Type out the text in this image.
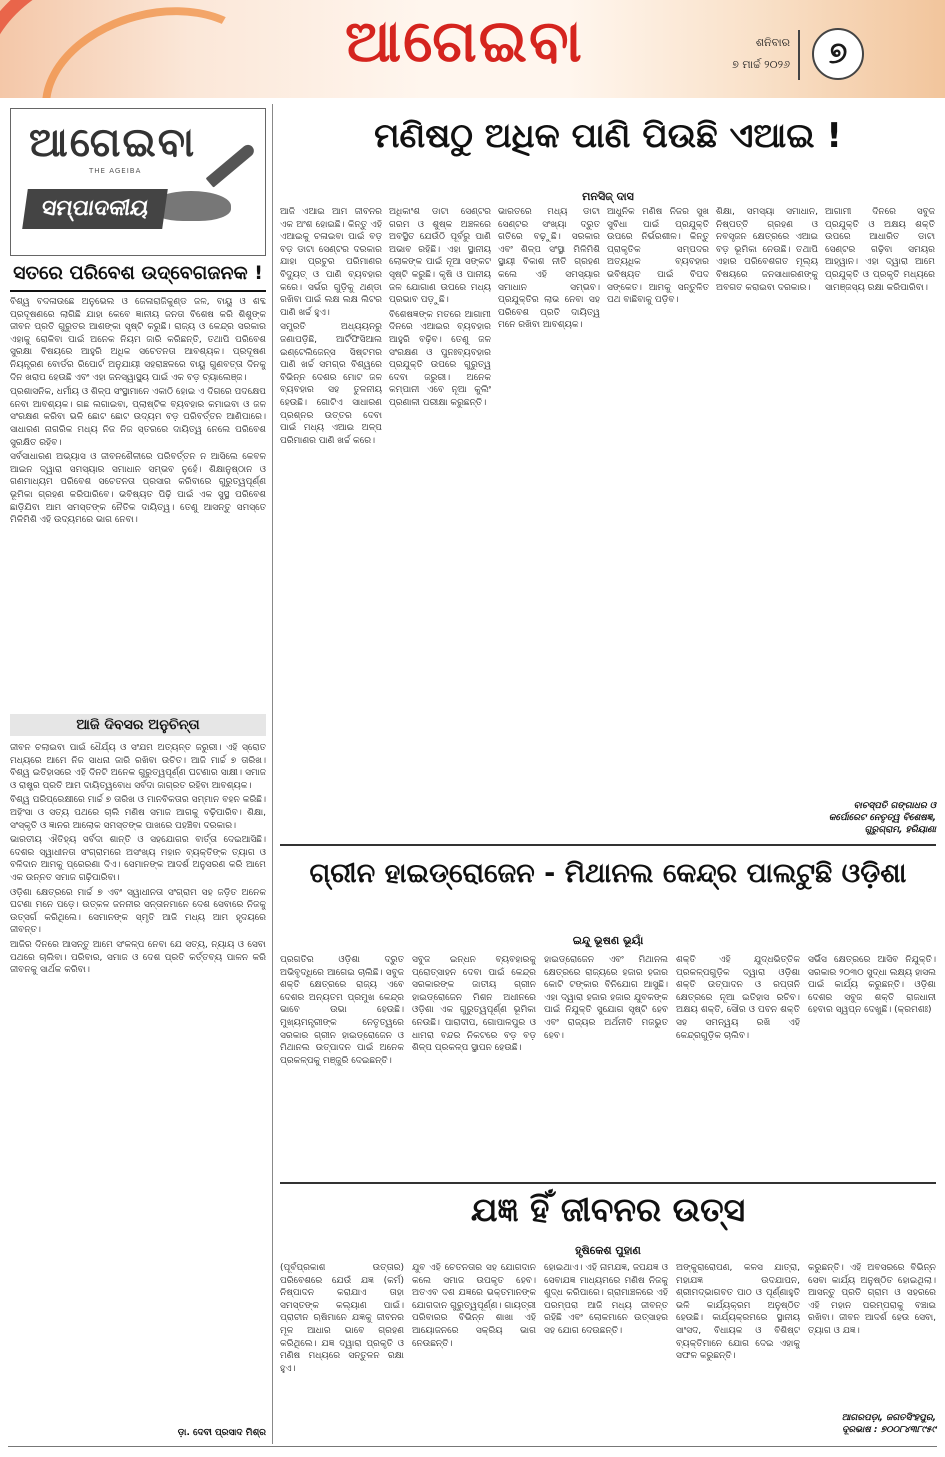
ଆଗେଇବା	ଶନିବାର
୭ ମାର୍ଚ୍ଚ ୨୦୨୬	୭
ଆଗେଇବା
THE AGEIBA
ସମ୍ପାଦକୀୟ
ସତରେ ପରିବେଶ ଉଦ୍‌ବେଗଜନକ !

ବିଶ୍ୱ ବଦଳାଉଛେ ଅନୁଭେଲ ଓ ଜେଳାରାଜିକୁଣ୍ଡ ଜଳ, ବାୟୁ ଓ ଶବ୍ଦ ପ୍ରଦୂଷଣରେ ଲାଗିଛି ଯାହା କେବେ ଜ୍ଞାନୀୟ ଜନତା ବିଶେଷ କରି ଶିଶୁଙ୍କ ଜୀବନ ପ୍ରତି ଗୁରୁତର ଆଶଙ୍କା ସୃଷ୍ଟି କରୁଛି। ରାଜ୍ୟ ଓ କେନ୍ଦ୍ର ସରକାର ଏହାକୁ ରୋକିବା ପାଇଁ ଅନେକ ନିୟମ ଜାରି କରିଛନ୍ତି, ତଥାପି ପରିବେଶ ସୁରକ୍ଷା ବିଷୟରେ ଆହୁରି ଅଧିକ ସଚେତନତା ଆବଶ୍ୟକ। ପ୍ରଦୂଷଣ ନିୟନ୍ତ୍ରଣ ବୋର୍ଡର ରିପୋର୍ଟ ଅନୁଯାୟୀ ସହରାଞ୍ଚଳରେ ବାୟୁ ଗୁଣବତ୍ତା ଦିନକୁ ଦିନ ଖରାପ ହେଉଛି ଏବଂ ଏହା ଜନସ୍ୱାସ୍ଥ୍ୟ ପାଇଁ ଏକ ବଡ଼ ଚ୍ୟାଲେଞ୍ଜ।

ପ୍ରଶାସନିକ, ଧର୍ମୀୟ ଓ ଶିଳ୍ପ ସଂସ୍ଥାମାନେ ଏକାଠି ହୋଇ ଏ ଦିଗରେ ପଦକ୍ଷେପ ନେବା ଆବଶ୍ୟକ। ଗଛ ଲଗାଇବା, ପ୍ଲାଷ୍ଟିକ ବ୍ୟବହାର କମାଇବା ଓ ଜଳ ସଂରକ୍ଷଣ କରିବା ଭଳି ଛୋଟ ଛୋଟ ଉଦ୍ୟମ ବଡ଼ ପରିବର୍ତ୍ତନ ଆଣିପାରେ। ସାଧାରଣ ନାଗରିକ ମଧ୍ୟ ନିଜ ନିଜ ସ୍ତରରେ ଦାୟିତ୍ୱ ନେଲେ ପରିବେଶ ସୁରକ୍ଷିତ ରହିବ।

ସର୍ବସାଧାରଣ ଅଭ୍ୟାସ ଓ ଜୀବନଶୈଳୀରେ ପରିବର୍ତ୍ତନ ନ ଆସିଲେ କେବଳ ଆଇନ ଦ୍ୱାରା ସମସ୍ୟାର ସମାଧାନ ସମ୍ଭବ ନୁହେଁ। ଶିକ୍ଷାନୁଷ୍ଠାନ ଓ ଗଣମାଧ୍ୟମ ପରିବେଶ ସଚେତନତା ପ୍ରସାର କରିବାରେ ଗୁରୁତ୍ୱପୂର୍ଣ୍ଣ ଭୂମିକା ଗ୍ରହଣ କରିପାରିବେ। ଭବିଷ୍ୟତ ପିଢ଼ି ପାଇଁ ଏକ ସୁସ୍ଥ ପରିବେଶ ଛାଡ଼ିଯିବା ଆମ ସମସ୍ତଙ୍କ ନୈତିକ ଦାୟିତ୍ୱ। ତେଣୁ ଆସନ୍ତୁ ସମସ୍ତେ ମିଳିମିଶି ଏହି ଉଦ୍ୟମରେ ଭାଗ ନେବା।

ଆଜି ଦିବସର ଅନୁଚିନ୍ତା

ଜୀବନ ଚଲାଇବା ପାଇଁ ଧୈର୍ଯ୍ୟ ଓ ସଂଯମ ଅତ୍ୟନ୍ତ ଜରୁରୀ। ଏହି ସ୍ରୋତ ମଧ୍ୟରେ ଆମେ ନିଜ ସାଧନା ଜାରି ରଖିବା ଉଚିତ। ଆଜି ମାର୍ଚ୍ଚ ୭ ତାରିଖ। ବିଶ୍ୱ ଇତିହାସରେ ଏହି ଦିନଟି ଅନେକ ଗୁରୁତ୍ୱପୂର୍ଣ୍ଣ ଘଟଣାର ସାକ୍ଷୀ। ସମାଜ ଓ ରାଷ୍ଟ୍ର ପ୍ରତି ଆମ ଦାୟିତ୍ୱବୋଧ ସର୍ବଦା ଜାଗ୍ରତ ରହିବା ଆବଶ୍ୟକ।

ବିଶ୍ୱ ପରିପ୍ରେକ୍ଷୀରେ ମାର୍ଚ୍ଚ ୭ ତାରିଖ ଓ ମାନବିକତାର ସମ୍ମାନ ବହନ କରିଛି। ଅହିଂସା ଓ ସତ୍ୟ ପଥରେ ଚାଲି ମଣିଷ ସମାଜ ଆଗକୁ ବଢ଼ିପାରିବ। ଶିକ୍ଷା, ସଂସ୍କୃତି ଓ ଜ୍ଞାନର ଆଲୋକ ସମସ୍ତଙ୍କ ପାଖରେ ପହଞ୍ଚିବା ଦରକାର।

ଭାରତୀୟ ଐତିହ୍ୟ ସର୍ବଦା ଶାନ୍ତି ଓ ସହଯୋଗର ବାର୍ତ୍ତା ଦେଇଆସିଛି। ଦେଶର ସ୍ୱାଧୀନତା ସଂଗ୍ରାମରେ ଅସଂଖ୍ୟ ମହାନ ବ୍ୟକ୍ତିଙ୍କ ତ୍ୟାଗ ଓ ବଳିଦାନ ଆମକୁ ପ୍ରେରଣା ଦିଏ। ସେମାନଙ୍କ ଆଦର୍ଶ ଅନୁସରଣ କରି ଆମେ ଏକ ଉନ୍ନତ ସମାଜ ଗଢ଼ିପାରିବା।

ଓଡ଼ିଶା କ୍ଷେତ୍ରରେ ମାର୍ଚ୍ଚ ୭ ଏବଂ ସ୍ୱାଧୀନତା ସଂଗ୍ରାମ ସହ ଜଡ଼ିତ ଅନେକ ଘଟଣା ମନେ ପଡ଼େ। ଉତ୍କଳ ଜନନୀର ସନ୍ତାନମାନେ ଦେଶ ସେବାରେ ନିଜକୁ ଉତ୍ସର୍ଗ କରିଥିଲେ। ସେମାନଙ୍କ ସ୍ମୃତି ଆଜି ମଧ୍ୟ ଆମ ହୃଦୟରେ ଜୀବନ୍ତ।

ଆଜିର ଦିନରେ ଆସନ୍ତୁ ଆମେ ସଂକଳ୍ପ ନେବା ଯେ ସତ୍ୟ, ନ୍ୟାୟ ଓ ସେବା ପଥରେ ଚାଲିବା। ପରିବାର, ସମାଜ ଓ ଦେଶ ପ୍ରତି କର୍ତ୍ତବ୍ୟ ପାଳନ କରି ଜୀବନକୁ ସାର୍ଥକ କରିବା।

ଡ଼ା. ଦେବୀ ପ୍ରସାଦ ମିଶ୍ର
ମଣିଷଠୁ ଅଧିକ ପାଣି ପିଉଛି ଏଆଇ !
ମନସିଜ୍ ଦାସ

ଆଜି ଏଆଇ ଆମ ଜୀବନର ଏକ ଅଂଶ ହୋଇଛି। କିନ୍ତୁ ଏହି ଏଆଇକୁ ଚଳାଇବା ପାଇଁ ବଡ଼ ବଡ଼ ଡାଟା ସେଣ୍ଟର ଦରକାର ଯାହା ପ୍ରଚୁର ପରିମାଣର ବିଦ୍ୟୁତ୍ ଓ ପାଣି ବ୍ୟବହାର କରେ। ସର୍ଭର ଗୁଡ଼ିକୁ ଥଣ୍ଡା ରଖିବା ପାଇଁ ଲକ୍ଷ ଲକ୍ଷ ଲିଟର ପାଣି ଖର୍ଚ୍ଚ ହୁଏ।

ସମ୍ପ୍ରତି ଅଧ୍ୟୟନରୁ ଜଣାପଡ଼ିଛି, ଆର୍ଟିଫିସିଆଲ ଇଣ୍ଟେଲିଜେନ୍ସ ସିଷ୍ଟମର ପାଣି ଖର୍ଚ୍ଚ ସମଗ୍ର ବିଶ୍ୱରେ ବିଭିନ୍ନ ଦେଶର ମୋଟ ଜଳ ବ୍ୟବହାର ସହ ତୁଳନୀୟ ହେଉଛି। ଗୋଟିଏ ସାଧାରଣ ପ୍ରଶ୍ନର ଉତ୍ତର ଦେବା ପାଇଁ ମଧ୍ୟ ଏଆଇ ଅଳ୍ପ ପରିମାଣର ପାଣି ଖର୍ଚ୍ଚ କରେ।

ଅଧିକାଂଶ ଡାଟା ସେଣ୍ଟର ଗରମ ଓ ଶୁଷ୍କ ଅଞ୍ଚଳରେ ଅବସ୍ଥିତ ଯେଉଁଠି ପୂର୍ବରୁ ପାଣି ଅଭାବ ରହିଛି। ଏହା ସ୍ଥାନୀୟ ଲୋକଙ୍କ ପାଇଁ ନୂଆ ସଙ୍କଟ ସୃଷ୍ଟି କରୁଛି। କୃଷି ଓ ପାନୀୟ ଜଳ ଯୋଗାଣ ଉପରେ ମଧ୍ୟ ପ୍ରଭାବ ପଡ଼ୁଛି।

ବିଶେଷଜ୍ଞଙ୍କ ମତରେ ଆଗାମୀ ଦିନରେ ଏଆଇର ବ୍ୟବହାର ଆହୁରି ବଢ଼ିବ। ତେଣୁ ଜଳ ସଂରକ୍ଷଣ ଓ ପୁନଃବ୍ୟବହାର ପ୍ରଯୁକ୍ତି ଉପରେ ଗୁରୁତ୍ୱ ଦେବା ଜରୁରୀ। ଅନେକ କମ୍ପାନୀ ଏବେ ନୂଆ କୁଲିଂ ପ୍ରଣାଳୀ ପରୀକ୍ଷା କରୁଛନ୍ତି।

ଭାରତରେ ମଧ୍ୟ ଡାଟା ସେଣ୍ଟର ସଂଖ୍ୟା ଦ୍ରୁତ ଗତିରେ ବଢ଼ୁଛି। ସରକାର ଏବଂ ଶିଳ୍ପ ସଂସ୍ଥା ମିଳିମିଶି ସ୍ଥାୟୀ ବିକାଶ ନୀତି ଗ୍ରହଣ କଲେ ଏହି ସମସ୍ୟାର ସମାଧାନ ସମ୍ଭବ। ପ୍ରଯୁକ୍ତିର ଲାଭ ନେବା ସହ ପରିବେଶ ପ୍ରତି ଦାୟିତ୍ୱ ମନେ ରଖିବା ଆବଶ୍ୟକ।

ଆଧୁନିକ ମଣିଷ ନିଜର ସୁଖ ସୁବିଧା ପାଇଁ ପ୍ରଯୁକ୍ତି ଉପରେ ନିର୍ଭରଶୀଳ। କିନ୍ତୁ ପ୍ରାକୃତିକ ସମ୍ପଦର ଅତ୍ୟଧିକ ବ୍ୟବହାର ଭବିଷ୍ୟତ ପାଇଁ ବିପଦ ସଙ୍କେତ। ଆମକୁ ସନ୍ତୁଳିତ ପଥ ବାଛିବାକୁ ପଡ଼ିବ।

ଶିକ୍ଷା, ସମସ୍ୟା ସମାଧାନ, ନିଷ୍ପତ୍ତି ଗ୍ରହଣ ଓ ନବସୃଜନ କ୍ଷେତ୍ରରେ ଏଆଇ ବଡ଼ ଭୂମିକା ନେଉଛି। ତଥାପି ଏହାର ପରିବେଶଗତ ମୂଲ୍ୟ ବିଷୟରେ ଜନସାଧାରଣଙ୍କୁ ଅବଗତ କରାଇବା ଦରକାର।

ଆଗାମୀ ଦିନରେ ସବୁଜ ପ୍ରଯୁକ୍ତି ଓ ଅକ୍ଷୟ ଶକ୍ତି ଉପରେ ଆଧାରିତ ଡାଟା ସେଣ୍ଟର ଗଢ଼ିବା ସମୟର ଆହ୍ୱାନ। ଏହା ଦ୍ୱାରା ଆମେ ପ୍ରଯୁକ୍ତି ଓ ପ୍ରକୃତି ମଧ୍ୟରେ ସାମଞ୍ଜସ୍ୟ ରକ୍ଷା କରିପାରିବା।

ବାଚସ୍ପତି ଗଙ୍ଗାଧର ଓ
କର୍ପୋରେଟ ନେତୃତ୍ୱ ବିଶେଷଜ୍ଞ,
ଗୁରୁଗ୍ରାମ, ହରିୟାଣା
ଗ୍ରୀନ ହାଇଡ୍ରୋଜେନ - ମିଥାନଲ କେନ୍ଦ୍ର ପାଲଟୁଛି ଓଡ଼ିଶା
ଇନ୍ଦୁ ଭୂଷଣ ଭୂୟାଁ

ପ୍ରଗତିର ଓଡ଼ିଶା ଦ୍ରୁତ ଅଭିବୃଦ୍ଧିରେ ଆଗେଇ ଚାଲିଛି। ସବୁଜ ଶକ୍ତି କ୍ଷେତ୍ରରେ ରାଜ୍ୟ ଏବେ ଦେଶର ଅନ୍ୟତମ ପ୍ରମୁଖ କେନ୍ଦ୍ର ଭାବେ ଉଭା ହେଉଛି। ମୁଖ୍ୟମନ୍ତ୍ରୀଙ୍କ ନେତୃତ୍ୱରେ ସରକାର ଗ୍ରୀନ ହାଇଡ୍ରୋଜେନ ଓ ମିଥାନଲ ଉତ୍ପାଦନ ପାଇଁ ଅନେକ ପ୍ରକଳ୍ପକୁ ମଞ୍ଜୁରି ଦେଇଛନ୍ତି।

ସବୁଜ ଇନ୍ଧନ ବ୍ୟବହାରକୁ ପ୍ରୋତ୍ସାହନ ଦେବା ପାଇଁ କେନ୍ଦ୍ର ସରକାରଙ୍କ ଜାତୀୟ ଗ୍ରୀନ ହାଇଡ୍ରୋଜେନ ମିଶନ ଅଧୀନରେ ଓଡ଼ିଶା ଏକ ଗୁରୁତ୍ୱପୂର୍ଣ୍ଣ ଭୂମିକା ନେଉଛି। ପାରାଦୀପ, ଗୋପାଳପୁର ଓ ଧାମରା ବନ୍ଦର ନିକଟରେ ବଡ଼ ବଡ଼ ଶିଳ୍ପ ପ୍ରକଳ୍ପ ସ୍ଥାପନ ହେଉଛି।

ହାଇଡ୍ରୋଜେନ ଏବଂ ମିଥାନଲ କ୍ଷେତ୍ରରେ ରାଜ୍ୟରେ ହଜାର ହଜାର କୋଟି ଟଙ୍କାର ବିନିଯୋଗ ଆସୁଛି। ଏହା ଦ୍ୱାରା ହଜାର ହଜାର ଯୁବକଙ୍କ ପାଇଁ ନିଯୁକ୍ତି ସୁଯୋଗ ସୃଷ୍ଟି ହେବ ଏବଂ ରାଜ୍ୟର ଅର୍ଥନୀତି ମଜଭୁତ ହେବ।

ଶକ୍ତି ଏହି ଯୁଦ୍ଧଭିତ୍ତିକ ପ୍ରକଳ୍ପଗୁଡ଼ିକ ଦ୍ୱାରା ଓଡ଼ିଶା ଶକ୍ତି ଉତ୍ପାଦନ ଓ ରପ୍ତାନି କ୍ଷେତ୍ରରେ ନୂଆ ଇତିହାସ ରଚିବ। ଅକ୍ଷୟ ଶକ୍ତି, ସୌର ଓ ପବନ ଶକ୍ତି ସହ ସମନ୍ୱୟ ରଖି ଏହି କେନ୍ଦ୍ରଗୁଡ଼ିକ ଚାଲିବ।

ସର୍ଭିସ କ୍ଷେତ୍ରରେ ଆସିବ ନିଯୁକ୍ତି। ସରକାର ୨୦୩୦ ସୁଦ୍ଧା ଲକ୍ଷ୍ୟ ହାସଲ ପାଇଁ କାର୍ଯ୍ୟ କରୁଛନ୍ତି। ଓଡ଼ିଶା ଦେଶର ସବୁଜ ଶକ୍ତି ରାଜଧାନୀ ହେବାର ସ୍ୱପ୍ନ ଦେଖୁଛି। (କ୍ରମଶଃ)

ଯଜ୍ଞ ହିଁ ଜୀବନର ଉତ୍ସ
ହୃଷିକେଶ ପୁହାଣ

(ପୂର୍ବପ୍ରକାଶ ଉତ୍ତାର) ପରିବେଶରେ ଯେଉଁ ଯଜ୍ଞ (କର୍ମ) ନିଷ୍ପାଦନ କରାଯାଏ ତାହା ସମସ୍ତଙ୍କ କଲ୍ୟାଣ ପାଇଁ। ପ୍ରାଚୀନ ଋଷିମାନେ ଯଜ୍ଞକୁ ଜୀବନର ମୂଳ ଆଧାର ଭାବେ ଗ୍ରହଣ କରିଥିଲେ। ଯଜ୍ଞ ଦ୍ୱାରା ପ୍ରକୃତି ଓ ମଣିଷ ମଧ୍ୟରେ ସନ୍ତୁଳନ ରକ୍ଷା ହୁଏ।

ଯୁବ ଏହି ଚେତନତାର ସହ ଯୋଗଦାନ କଲେ ସମାଜ ଉପକୃତ ହେବ। ଅତଏବ ଦଶ ଯଜ୍ଞରେ ଭକ୍ତମାନଙ୍କ ଯୋଗଦାନ ଗୁରୁତ୍ୱପୂର୍ଣ୍ଣ। ଗାୟତ୍ରୀ ପରିବାରର ବିଭିନ୍ନ ଶାଖା ଏହି ଆୟୋଜନରେ ସକ୍ରିୟ ଭାଗ ନେଉଛନ୍ତି।

ହୋଇଥାଏ। ଏହି ନାମଯଜ୍ଞ, ଜପଯଜ୍ଞ ଓ ସେବାଯଜ୍ଞ ମାଧ୍ୟମରେ ମଣିଷ ନିଜକୁ ଶୁଦ୍ଧ କରିପାରେ। ଗ୍ରାମାଞ୍ଚଳରେ ଏହି ପରମ୍ପରା ଆଜି ମଧ୍ୟ ଜୀବନ୍ତ ରହିଛି ଏବଂ ଲୋକମାନେ ଉତ୍ସାହର ସହ ଯୋଗ ଦେଉଛନ୍ତି।

ଅଙ୍କୁରାରୋପଣ, କଳସ ଯାତ୍ରା, ମହାଯଜ୍ଞ ଉଦଯାପନ, ଶ୍ରୀମଦ୍ଭାଗବତ ପାଠ ଓ ପୂର୍ଣ୍ଣାହୁତି ଭଳି କାର୍ଯ୍ୟକ୍ରମ ଅନୁଷ୍ଠିତ ହେଉଛି। କାର୍ଯ୍ୟକ୍ରମରେ ସ୍ଥାନୀୟ ସାଂସଦ, ବିଧାୟକ ଓ ବିଶିଷ୍ଟ ବ୍ୟକ୍ତିମାନେ ଯୋଗ ଦେଇ ଏହାକୁ ସଫଳ କରୁଛନ୍ତି।

କରୁଛନ୍ତି। ଏହି ଅବସରରେ ବିଭିନ୍ନ ସେବା କାର୍ଯ୍ୟ ଅନୁଷ୍ଠିତ ହୋଇଥିଲା। ଆସନ୍ତୁ ପ୍ରତି ଗ୍ରାମ ଓ ସହରରେ ଏହି ମହାନ ପରମ୍ପରାକୁ ବଞ୍ଚାଇ ରଖିବା। ଜୀବନ ଆଦର୍ଶ ହେଉ ସେବା, ତ୍ୟାଗ ଓ ଯଜ୍ଞ।

ଆଗରପଡ଼ା, ଜଗତସିଂହପୁର,
ଦୂରଭାଷ : ୭୦୦୮୪୩୮୯୫୯
